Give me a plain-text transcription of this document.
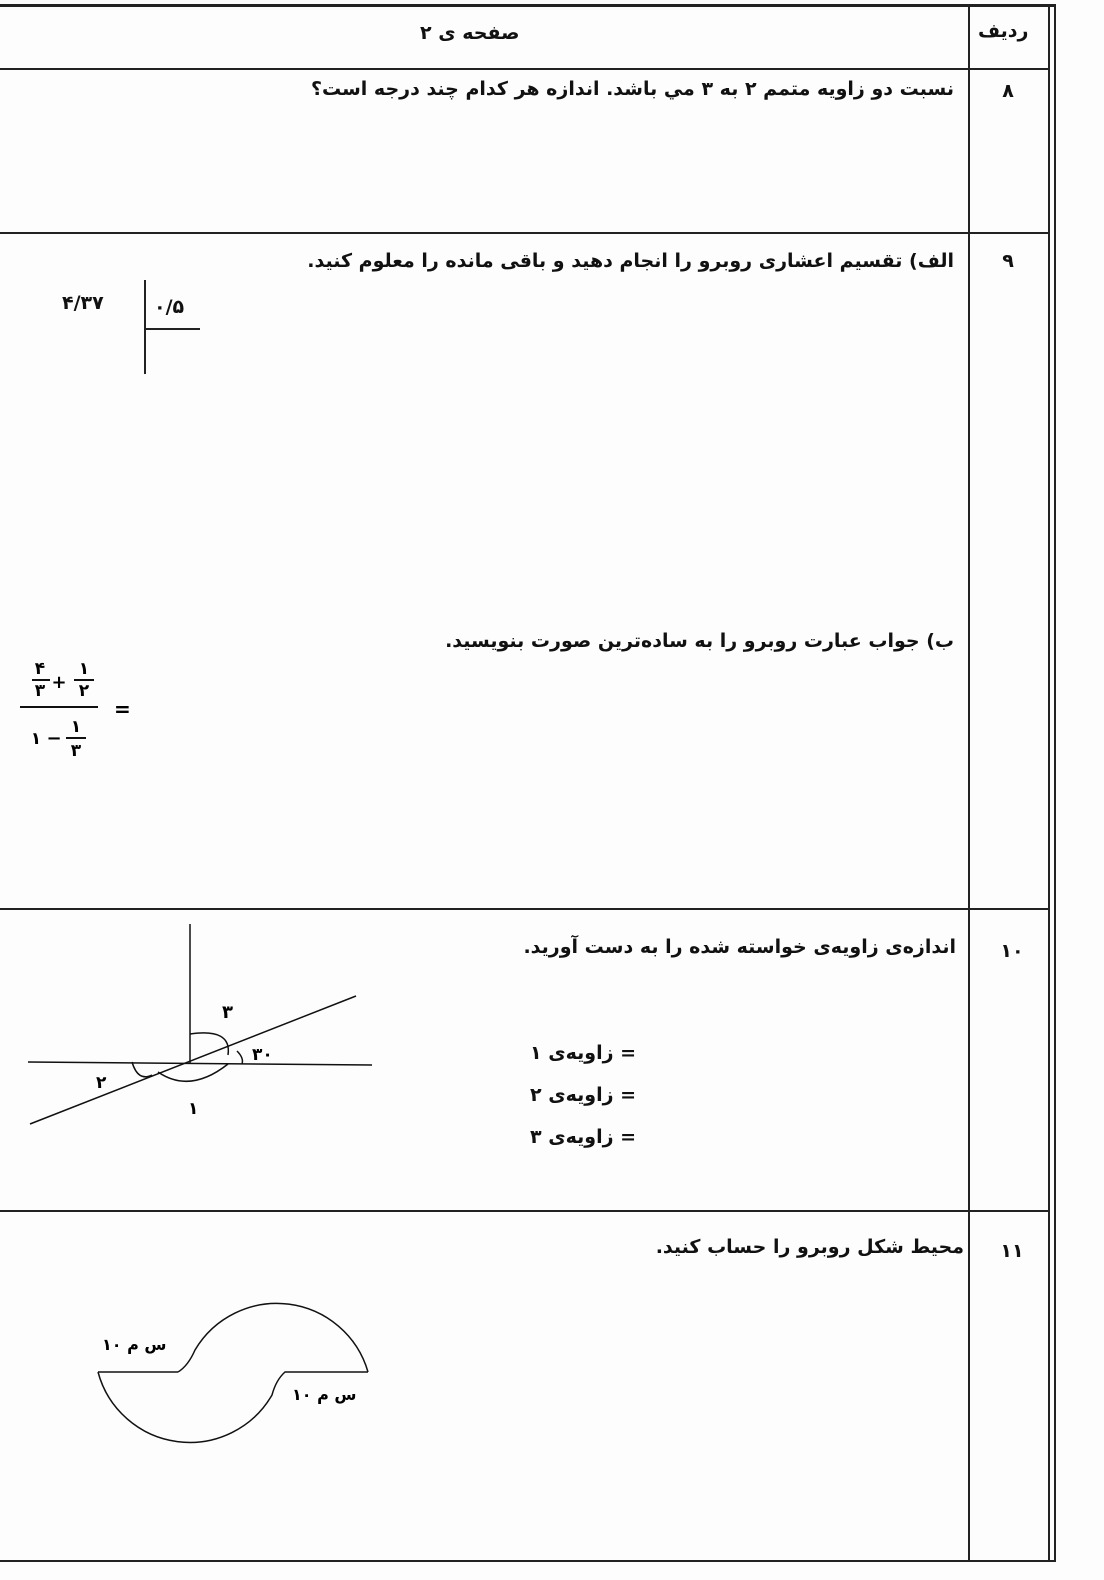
صفحه ی ۲	ردیف
۸
نسبت دو زاویه متمم ۲ به ۳ مي باشد. اندازه هر کدام چند درجه است؟
۹
الف) تقسیم اعشاری روبرو را انجام دهید و باقی مانده را معلوم کنید.
۴/۳۷	۰/۵
ب) جواب عبارت روبرو را به ساده‌ترین صورت بنویسید.
۴
۳ +
۱
۲
=
۱ −
۱
۳
۱۰
اندازه‌ی زاویه‌ی خواسته شده را به دست آورید.
۳
۳۰
۲
۱
= زاویه‌ی ۱
= زاویه‌ی ۲
= زاویه‌ی ۳
۱۱
محیط شکل روبرو را حساب کنید.
۱۰ س م
۱۰ س م
